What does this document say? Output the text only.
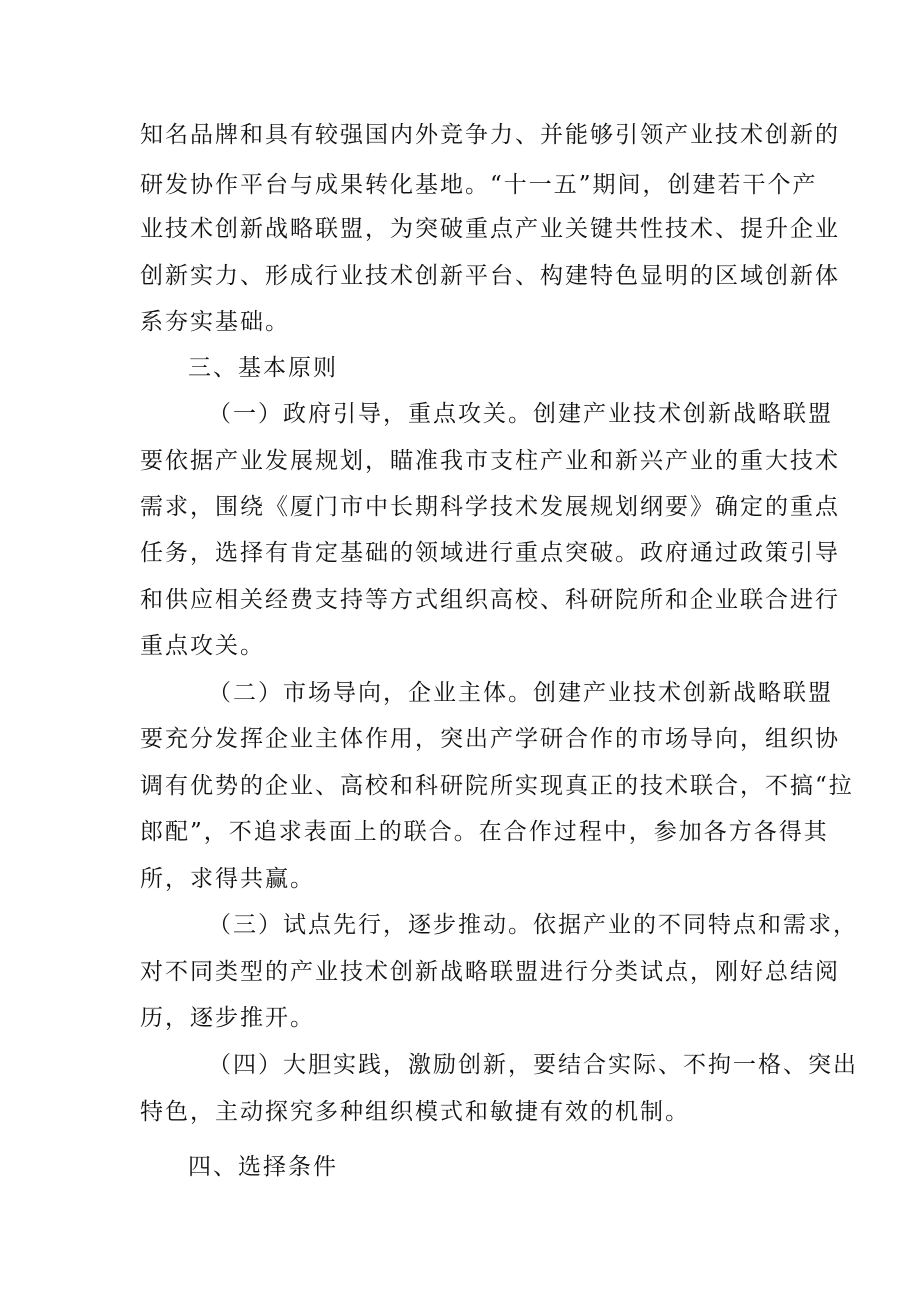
知名品牌和具有较强国内外竞争力、并能够引领产业技术创新的
研发协作平台与成果转化基地。“十一五”期间，创建若干个产
业技术创新战略联盟，为突破重点产业关键共性技术、提升企业
创新实力、形成行业技术创新平台、构建特色显明的区域创新体
系夯实基础。
三、基本原则
（一）政府引导，重点攻关。创建产业技术创新战略联盟
要依据产业发展规划，瞄准我市支柱产业和新兴产业的重大技术
需求，围绕《厦门市中长期科学技术发展规划纲要》确定的重点
任务，选择有肯定基础的领域进行重点突破。政府通过政策引导
和供应相关经费支持等方式组织高校、科研院所和企业联合进行
重点攻关。
（二）市场导向，企业主体。创建产业技术创新战略联盟
要充分发挥企业主体作用，突出产学研合作的市场导向，组织协
调有优势的企业、高校和科研院所实现真正的技术联合，不搞“拉
郎配”，不追求表面上的联合。在合作过程中，参加各方各得其
所，求得共赢。
（三）试点先行，逐步推动。依据产业的不同特点和需求，
对不同类型的产业技术创新战略联盟进行分类试点，刚好总结阅
历，逐步推开。
（四）大胆实践，激励创新，要结合实际、不拘一格、突出
特色，主动探究多种组织模式和敏捷有效的机制。
四、选择条件
